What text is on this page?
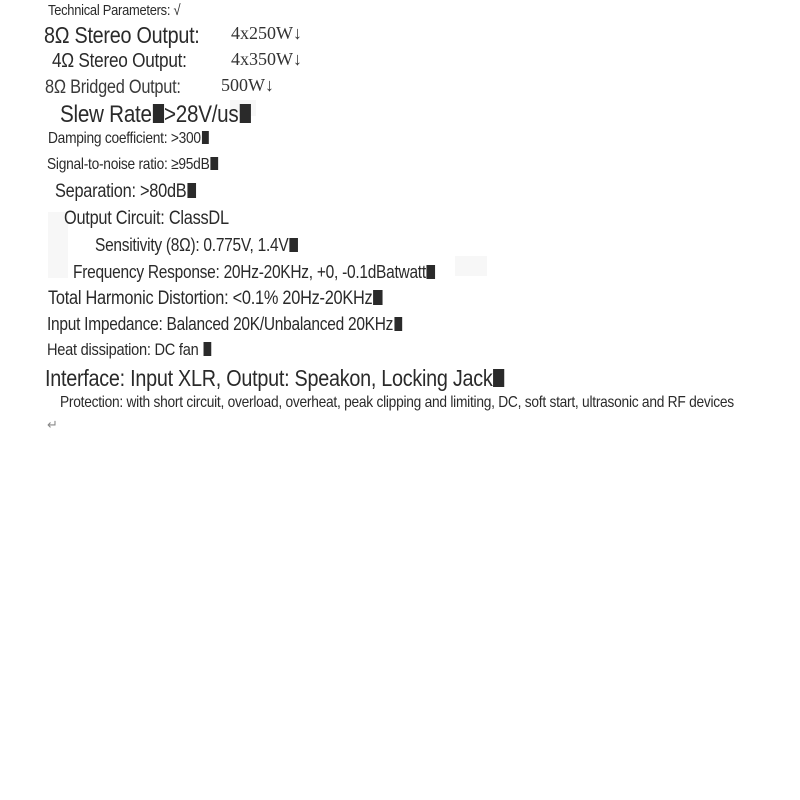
Technical Parameters: √
8Ω Stereo Output: 4x250W↓
4Ω Stereo Output: 4x350W↓
8Ω Bridged Output: 500W↓
Slew Rate >28V/us
Damping coefficient: >300
Signal-to-noise ratio: ≥95dB
Separation: >80dB
Output Circuit: ClassDL
Sensitivity (8Ω): 0.775V, 1.4V
Frequency Response: 20Hz-20KHz, +0, -0.1dBatwatt
Total Harmonic Distortion: <0.1% 20Hz-20KHz
Input Impedance: Balanced 20K/Unbalanced 20KHz
Heat dissipation: DC fan
Interface: Input XLR, Output: Speakon, Locking Jack
Protection: with short circuit, overload, overheat, peak clipping and limiting, DC, soft start, ultrasonic and RF devices
↵
